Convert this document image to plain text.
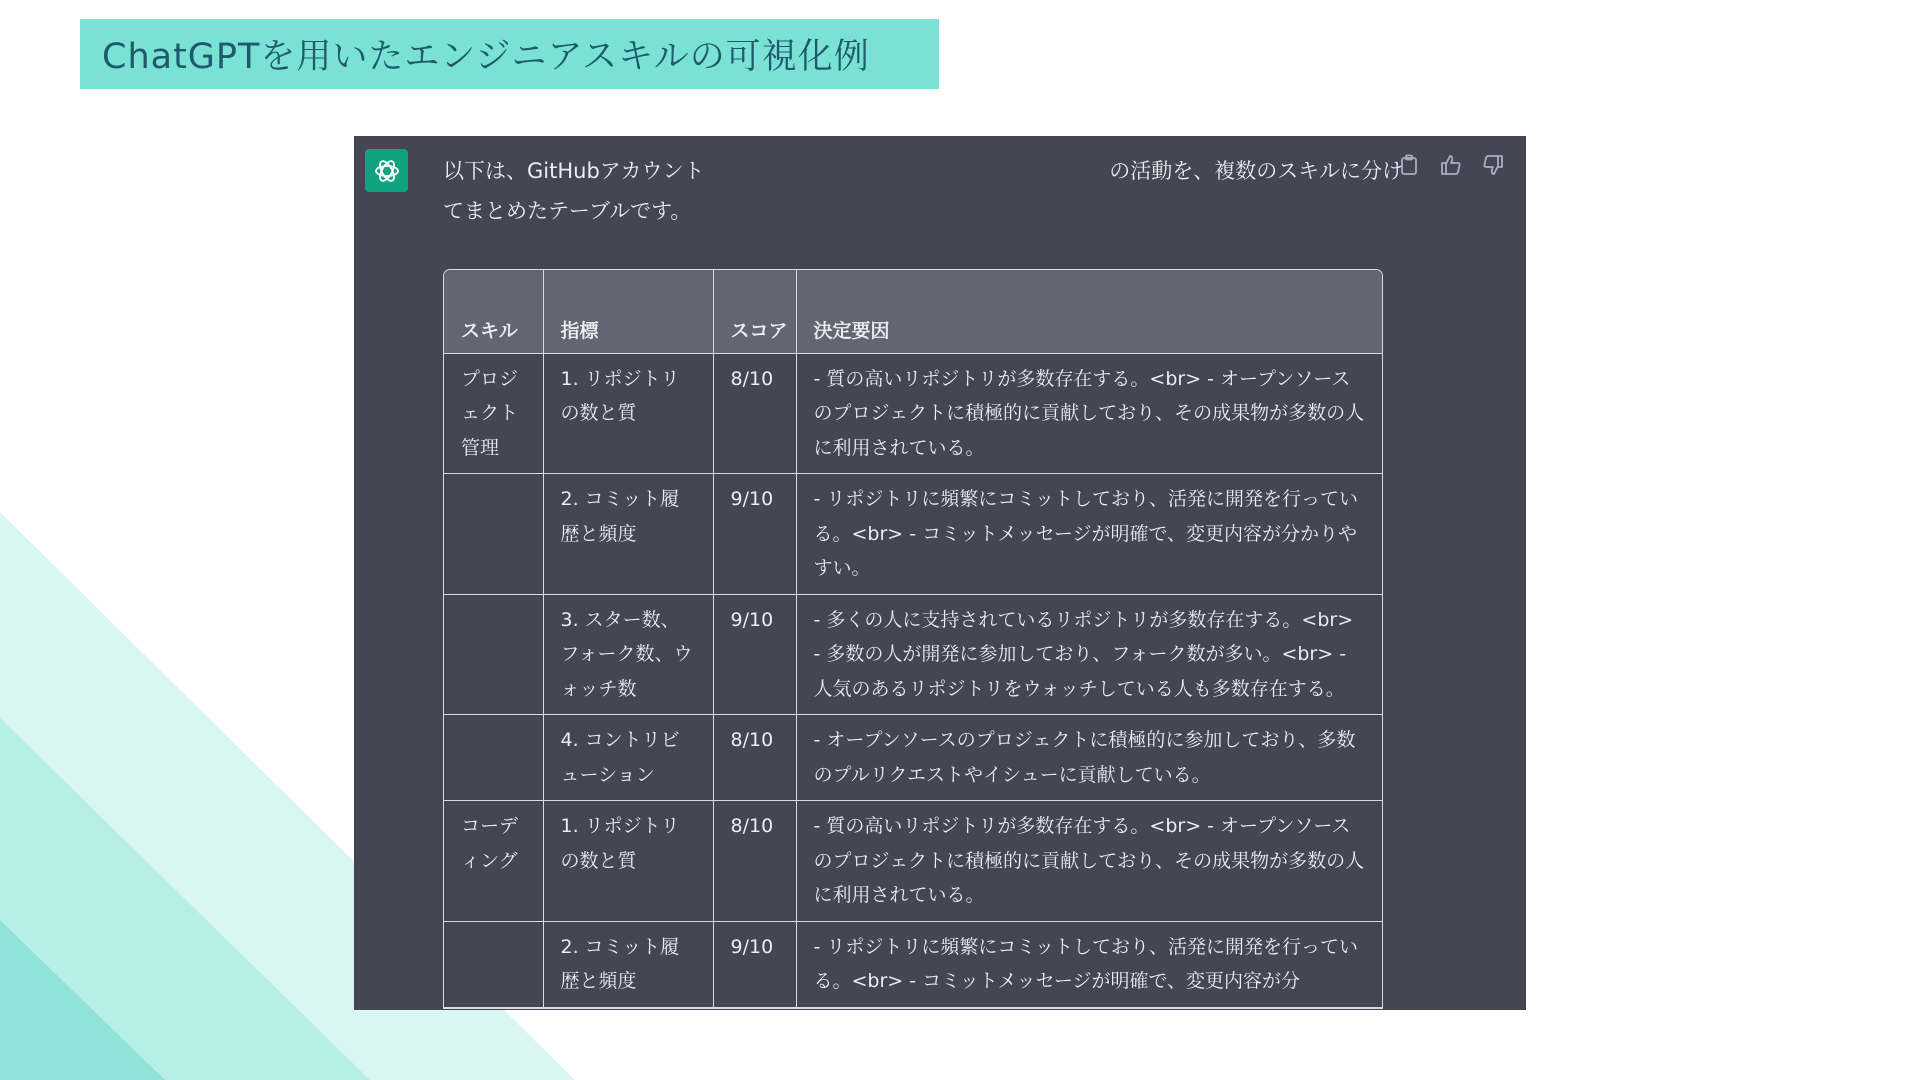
ChatGPTを用いたエンジニアスキルの可視化例
以下は、GitHubアカウント	の活動を、複数のスキルに分け
てまとめたテーブルです。
スキル	指標	スコア	決定要因
プロジェクト管理	1. リポジトリの数と質	8/10	- 質の高いリポジトリが多数存在する。<br> - オープンソースのプロジェクトに積極的に貢献しており、その成果物が多数の人に利用されている。
	2. コミット履歴と頻度	9/10	- リポジトリに頻繁にコミットしており、活発に開発を行っている。<br> - コミットメッセージが明確で、変更内容が分かりやすい。
	3. スター数、フォーク数、ウォッチ数	9/10	- 多くの人に支持されているリポジトリが多数存在する。<br> - 多数の人が開発に参加しており、フォーク数が多い。<br> - 人気のあるリポジトリをウォッチしている人も多数存在する。
	4. コントリビューション	8/10	- オープンソースのプロジェクトに積極的に参加しており、多数のプルリクエストやイシューに貢献している。
コーディング	1. リポジトリの数と質	8/10	- 質の高いリポジトリが多数存在する。<br> - オープンソースのプロジェクトに積極的に貢献しており、その成果物が多数の人に利用されている。
	2. コミット履歴と頻度	9/10	- リポジトリに頻繁にコミットしており、活発に開発を行っている。<br> - コミットメッセージが明確で、変更内容が分
